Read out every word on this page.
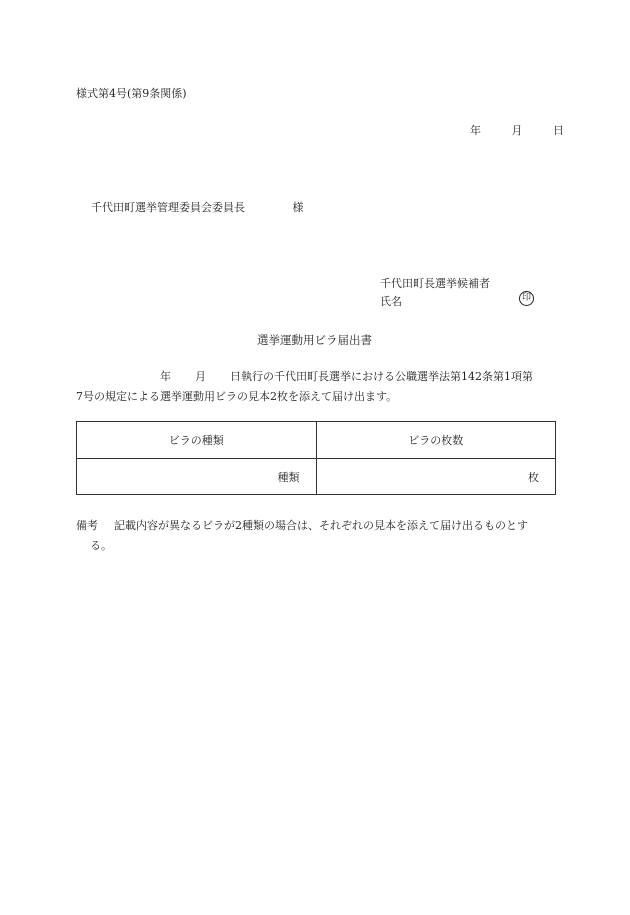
様式第4号(第9条関係)
年	月	日
千代田町選挙管理委員会委員長	様
千代田町長選挙候補者
氏名	印
選挙運動用ビラ届出書
年 月 日執行の千代田町長選挙における公職選挙法第142条第1項第
7号の規定による選挙運動用ビラの見本2枚を添えて届け出ます。
ビラの種類	ビラの枚数
種類	枚
備考 記載内容が異なるビラが2種類の場合は、それぞれの見本を添えて届け出るものとす
る。
